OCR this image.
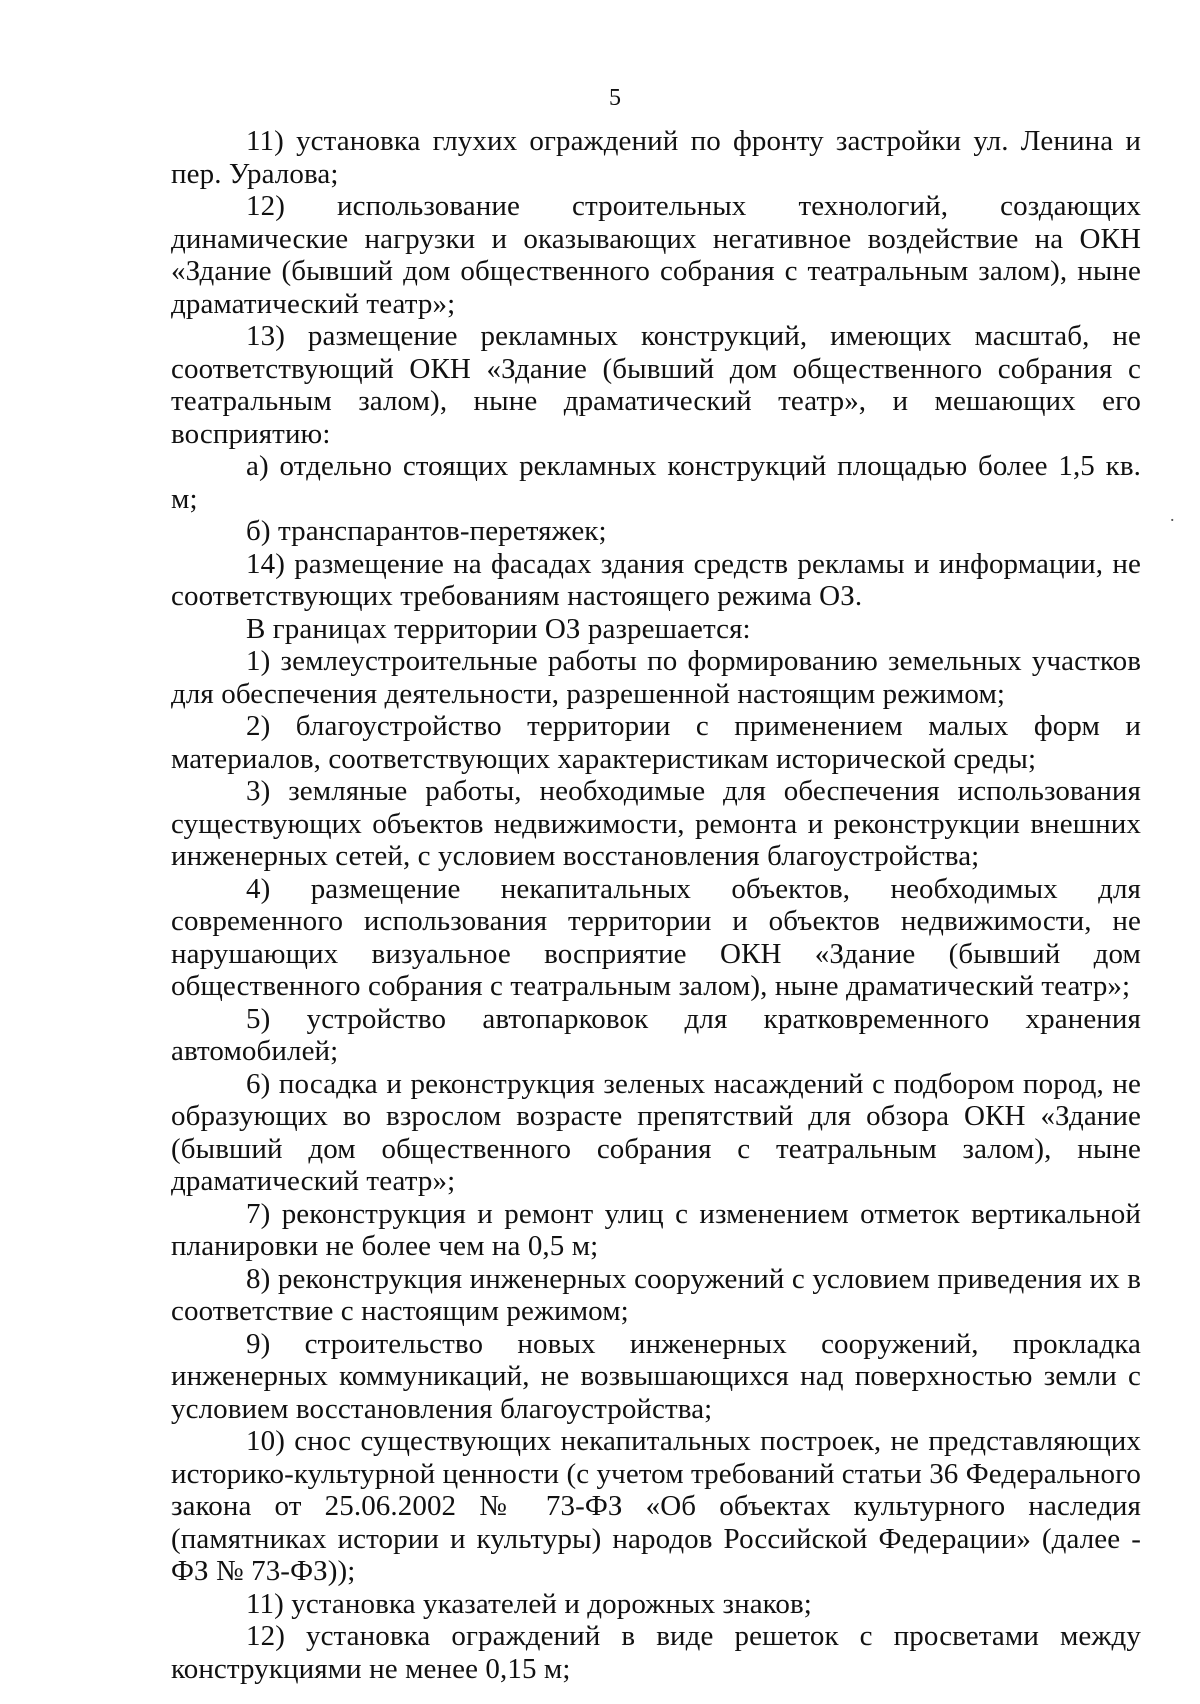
5

11) установка глухих ограждений по фронту застройки ул. Ленина и пер. Уралова;

12) использование строительных технологий, создающих динамические нагрузки и оказывающих негативное воздействие на ОКН «Здание (бывший дом общественного собрания с театральным залом), ныне драматический театр»;

13) размещение рекламных конструкций, имеющих масштаб, не соответствующий ОКН «Здание (бывший дом общественного собрания с театральным залом), ныне драматический театр», и мешающих его восприятию:

а) отдельно стоящих рекламных конструкций площадью более 1,5 кв. м;

б) транспарантов-перетяжек;

14) размещение на фасадах здания средств рекламы и информации, не соответствующих требованиям настоящего режима ОЗ.

В границах территории ОЗ разрешается:

1) землеустроительные работы по формированию земельных участков для обеспечения деятельности, разрешенной настоящим режимом;

2) благоустройство территории с применением малых форм и материалов, соответствующих характеристикам исторической среды;

3) земляные работы, необходимые для обеспечения использования существующих объектов недвижимости, ремонта и реконструкции внешних инженерных сетей, с условием восстановления благоустройства;

4) размещение некапитальных объектов, необходимых для современного использования территории и объектов недвижимости, не нарушающих визуальное восприятие ОКН «Здание (бывший дом общественного собрания с театральным залом), ныне драматический театр»;

5) устройство автопарковок для кратковременного хранения автомобилей;

6) посадка и реконструкция зеленых насаждений с подбором пород, не образующих во взрослом возрасте препятствий для обзора ОКН «Здание (бывший дом общественного собрания с театральным залом), ныне драматический театр»;

7) реконструкция и ремонт улиц с изменением отметок вертикальной планировки не более чем на 0,5 м;

8) реконструкция инженерных сооружений с условием приведения их в соответствие с настоящим режимом;

9) строительство новых инженерных сооружений, прокладка инженерных коммуникаций, не возвышающихся над поверхностью земли с условием восстановления благоустройства;

10) снос существующих некапитальных построек, не представляющих историко-культурной ценности (с учетом требований статьи 36 Федерального закона от 25.06.2002 № 73-ФЗ «Об объектах культурного наследия (памятниках истории и культуры) народов Российской Федерации» (далее - ФЗ № 73-ФЗ));

11) установка указателей и дорожных знаков;

12) установка ограждений в виде решеток с просветами между конструкциями не менее 0,15 м;

.
